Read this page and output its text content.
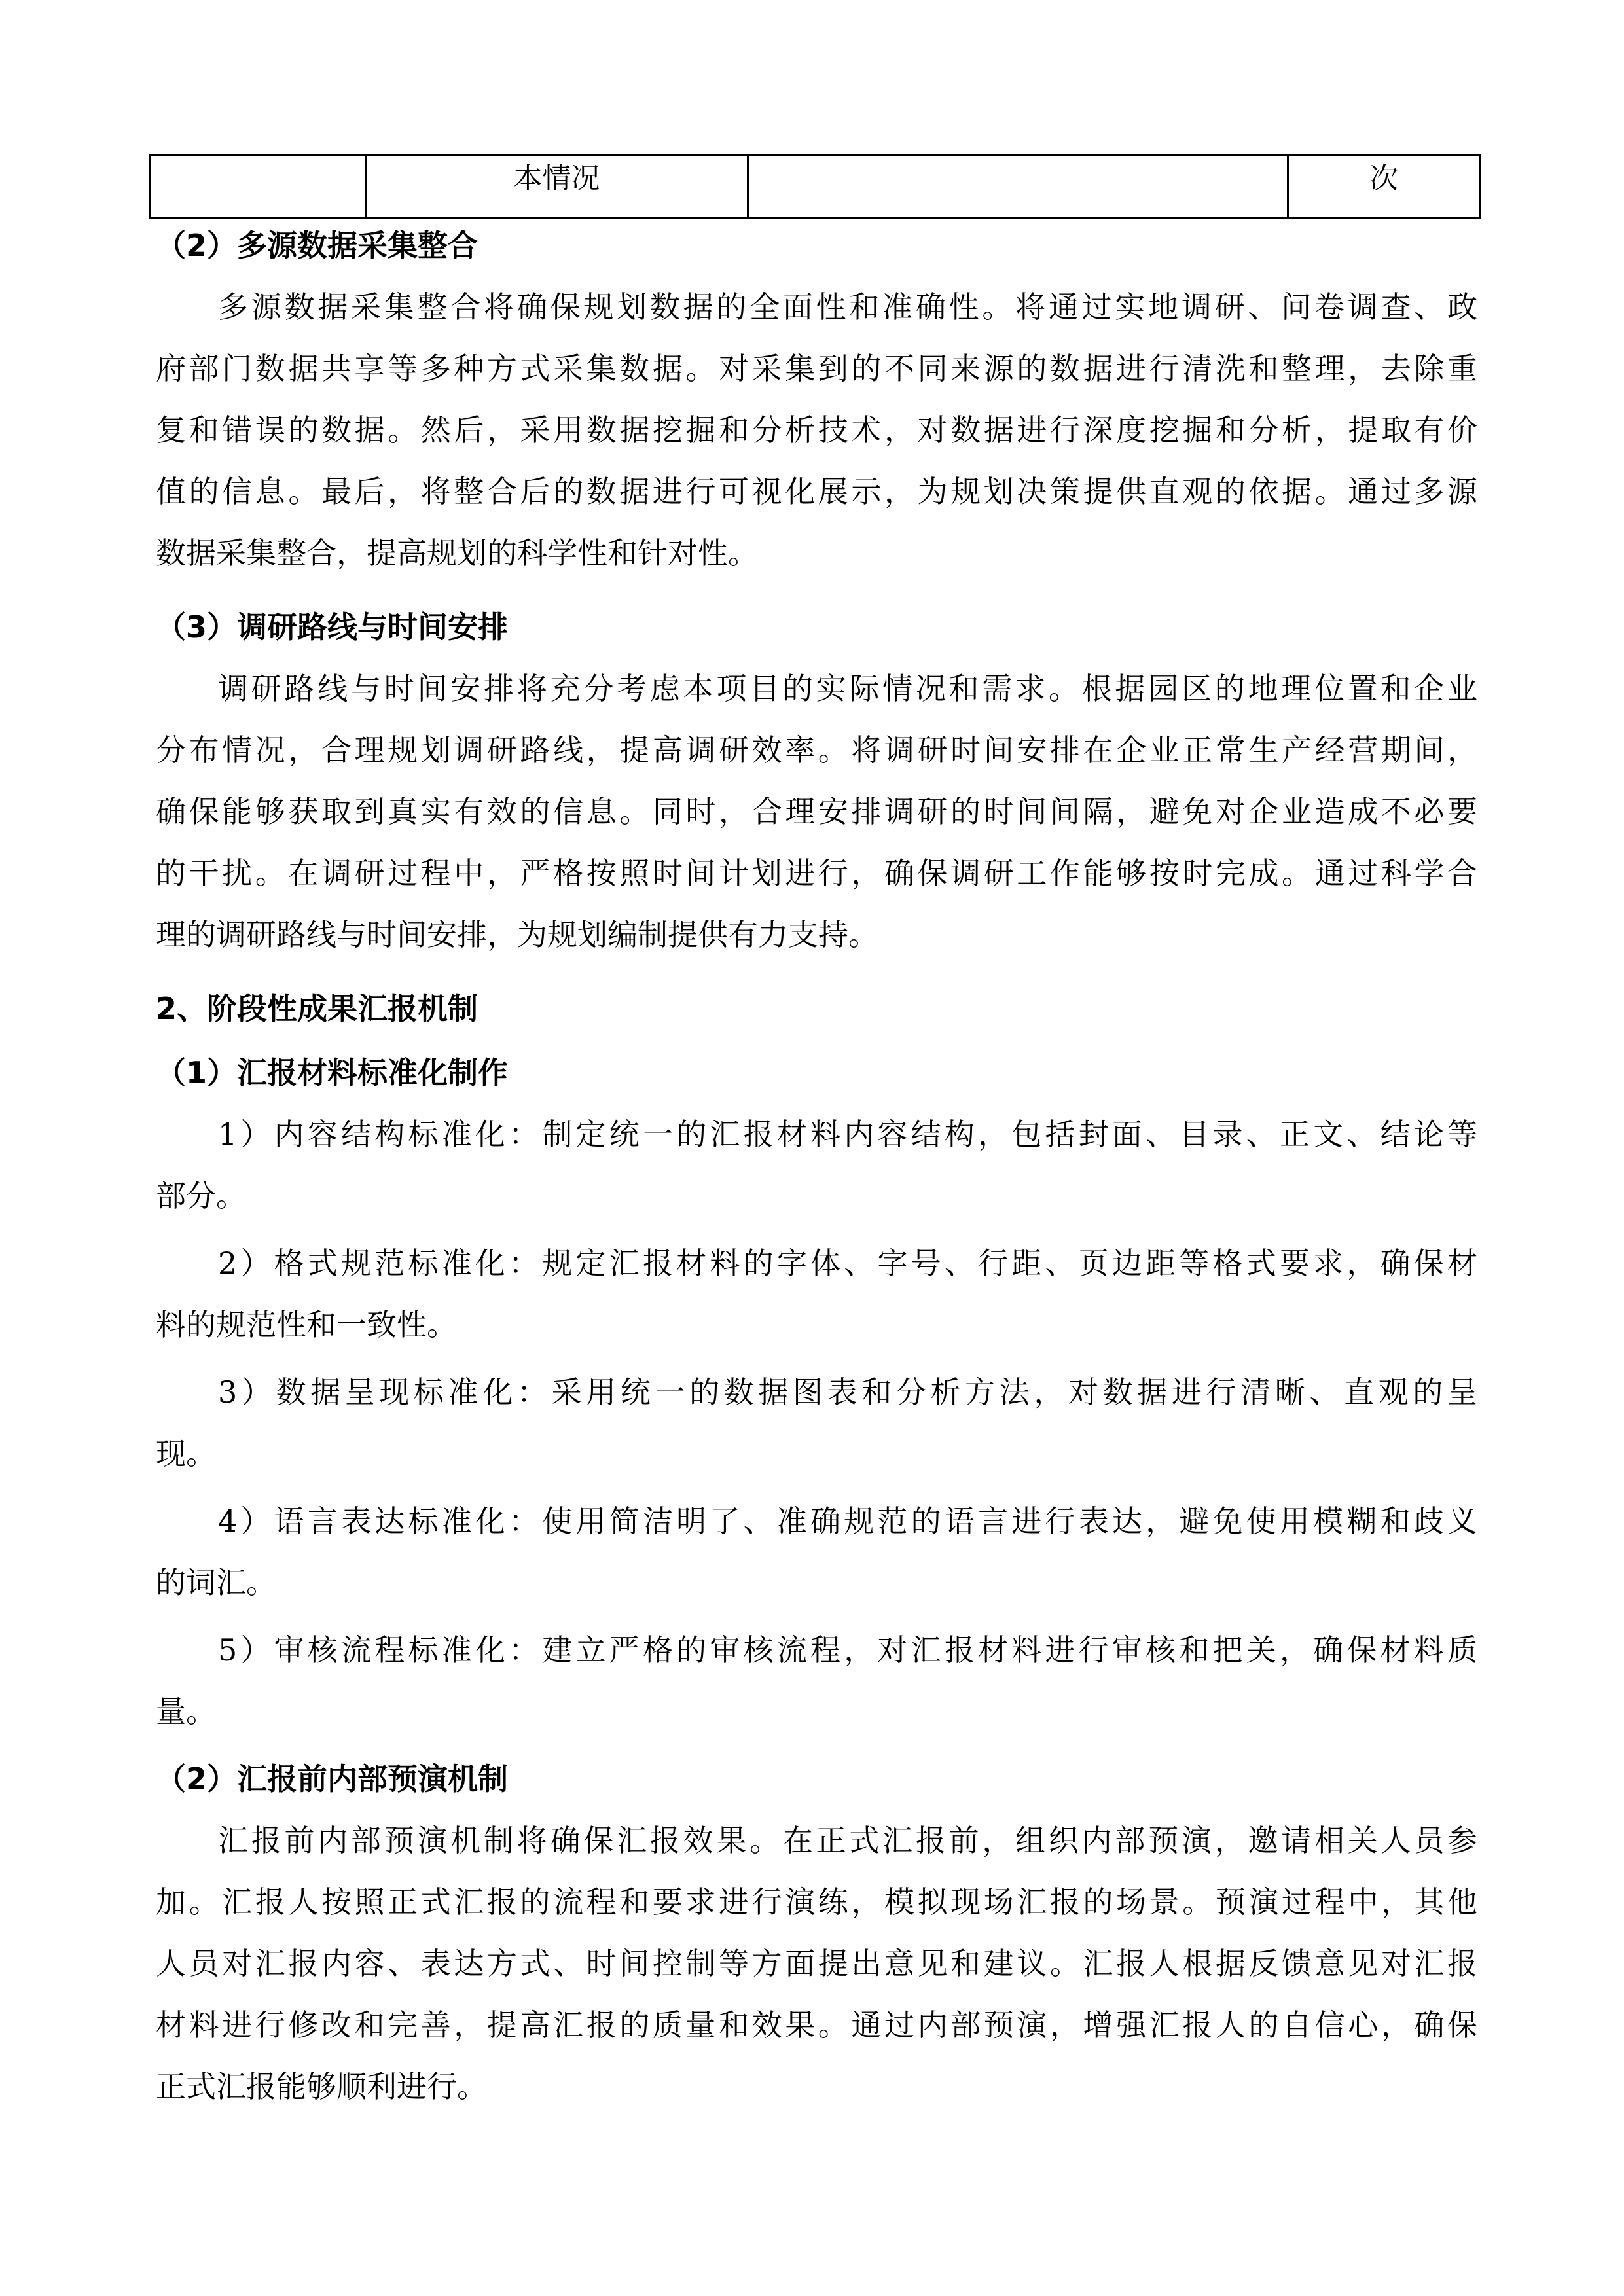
	本情况		次
（2）多源数据采集整合
多源数据采集整合将确保规划数据的全面性和准确性。将通过实地调研、问卷调查、政
府部门数据共享等多种方式采集数据。对采集到的不同来源的数据进行清洗和整理，去除重
复和错误的数据。然后，采用数据挖掘和分析技术，对数据进行深度挖掘和分析，提取有价
值的信息。最后，将整合后的数据进行可视化展示，为规划决策提供直观的依据。通过多源
数据采集整合，提高规划的科学性和针对性。
（3）调研路线与时间安排
调研路线与时间安排将充分考虑本项目的实际情况和需求。根据园区的地理位置和企业
分布情况，合理规划调研路线，提高调研效率。将调研时间安排在企业正常生产经营期间，
确保能够获取到真实有效的信息。同时，合理安排调研的时间间隔，避免对企业造成不必要
的干扰。在调研过程中，严格按照时间计划进行，确保调研工作能够按时完成。通过科学合
理的调研路线与时间安排，为规划编制提供有力支持。
2、阶段性成果汇报机制
（1）汇报材料标准化制作
1）内容结构标准化：制定统一的汇报材料内容结构，包括封面、目录、正文、结论等
部分。
2）格式规范标准化：规定汇报材料的字体、字号、行距、页边距等格式要求，确保材
料的规范性和一致性。
3）数据呈现标准化：采用统一的数据图表和分析方法，对数据进行清晰、直观的呈
现。
4）语言表达标准化：使用简洁明了、准确规范的语言进行表达，避免使用模糊和歧义
的词汇。
5）审核流程标准化：建立严格的审核流程，对汇报材料进行审核和把关，确保材料质
量。
（2）汇报前内部预演机制
汇报前内部预演机制将确保汇报效果。在正式汇报前，组织内部预演，邀请相关人员参
加。汇报人按照正式汇报的流程和要求进行演练，模拟现场汇报的场景。预演过程中，其他
人员对汇报内容、表达方式、时间控制等方面提出意见和建议。汇报人根据反馈意见对汇报
材料进行修改和完善，提高汇报的质量和效果。通过内部预演，增强汇报人的自信心，确保
正式汇报能够顺利进行。
